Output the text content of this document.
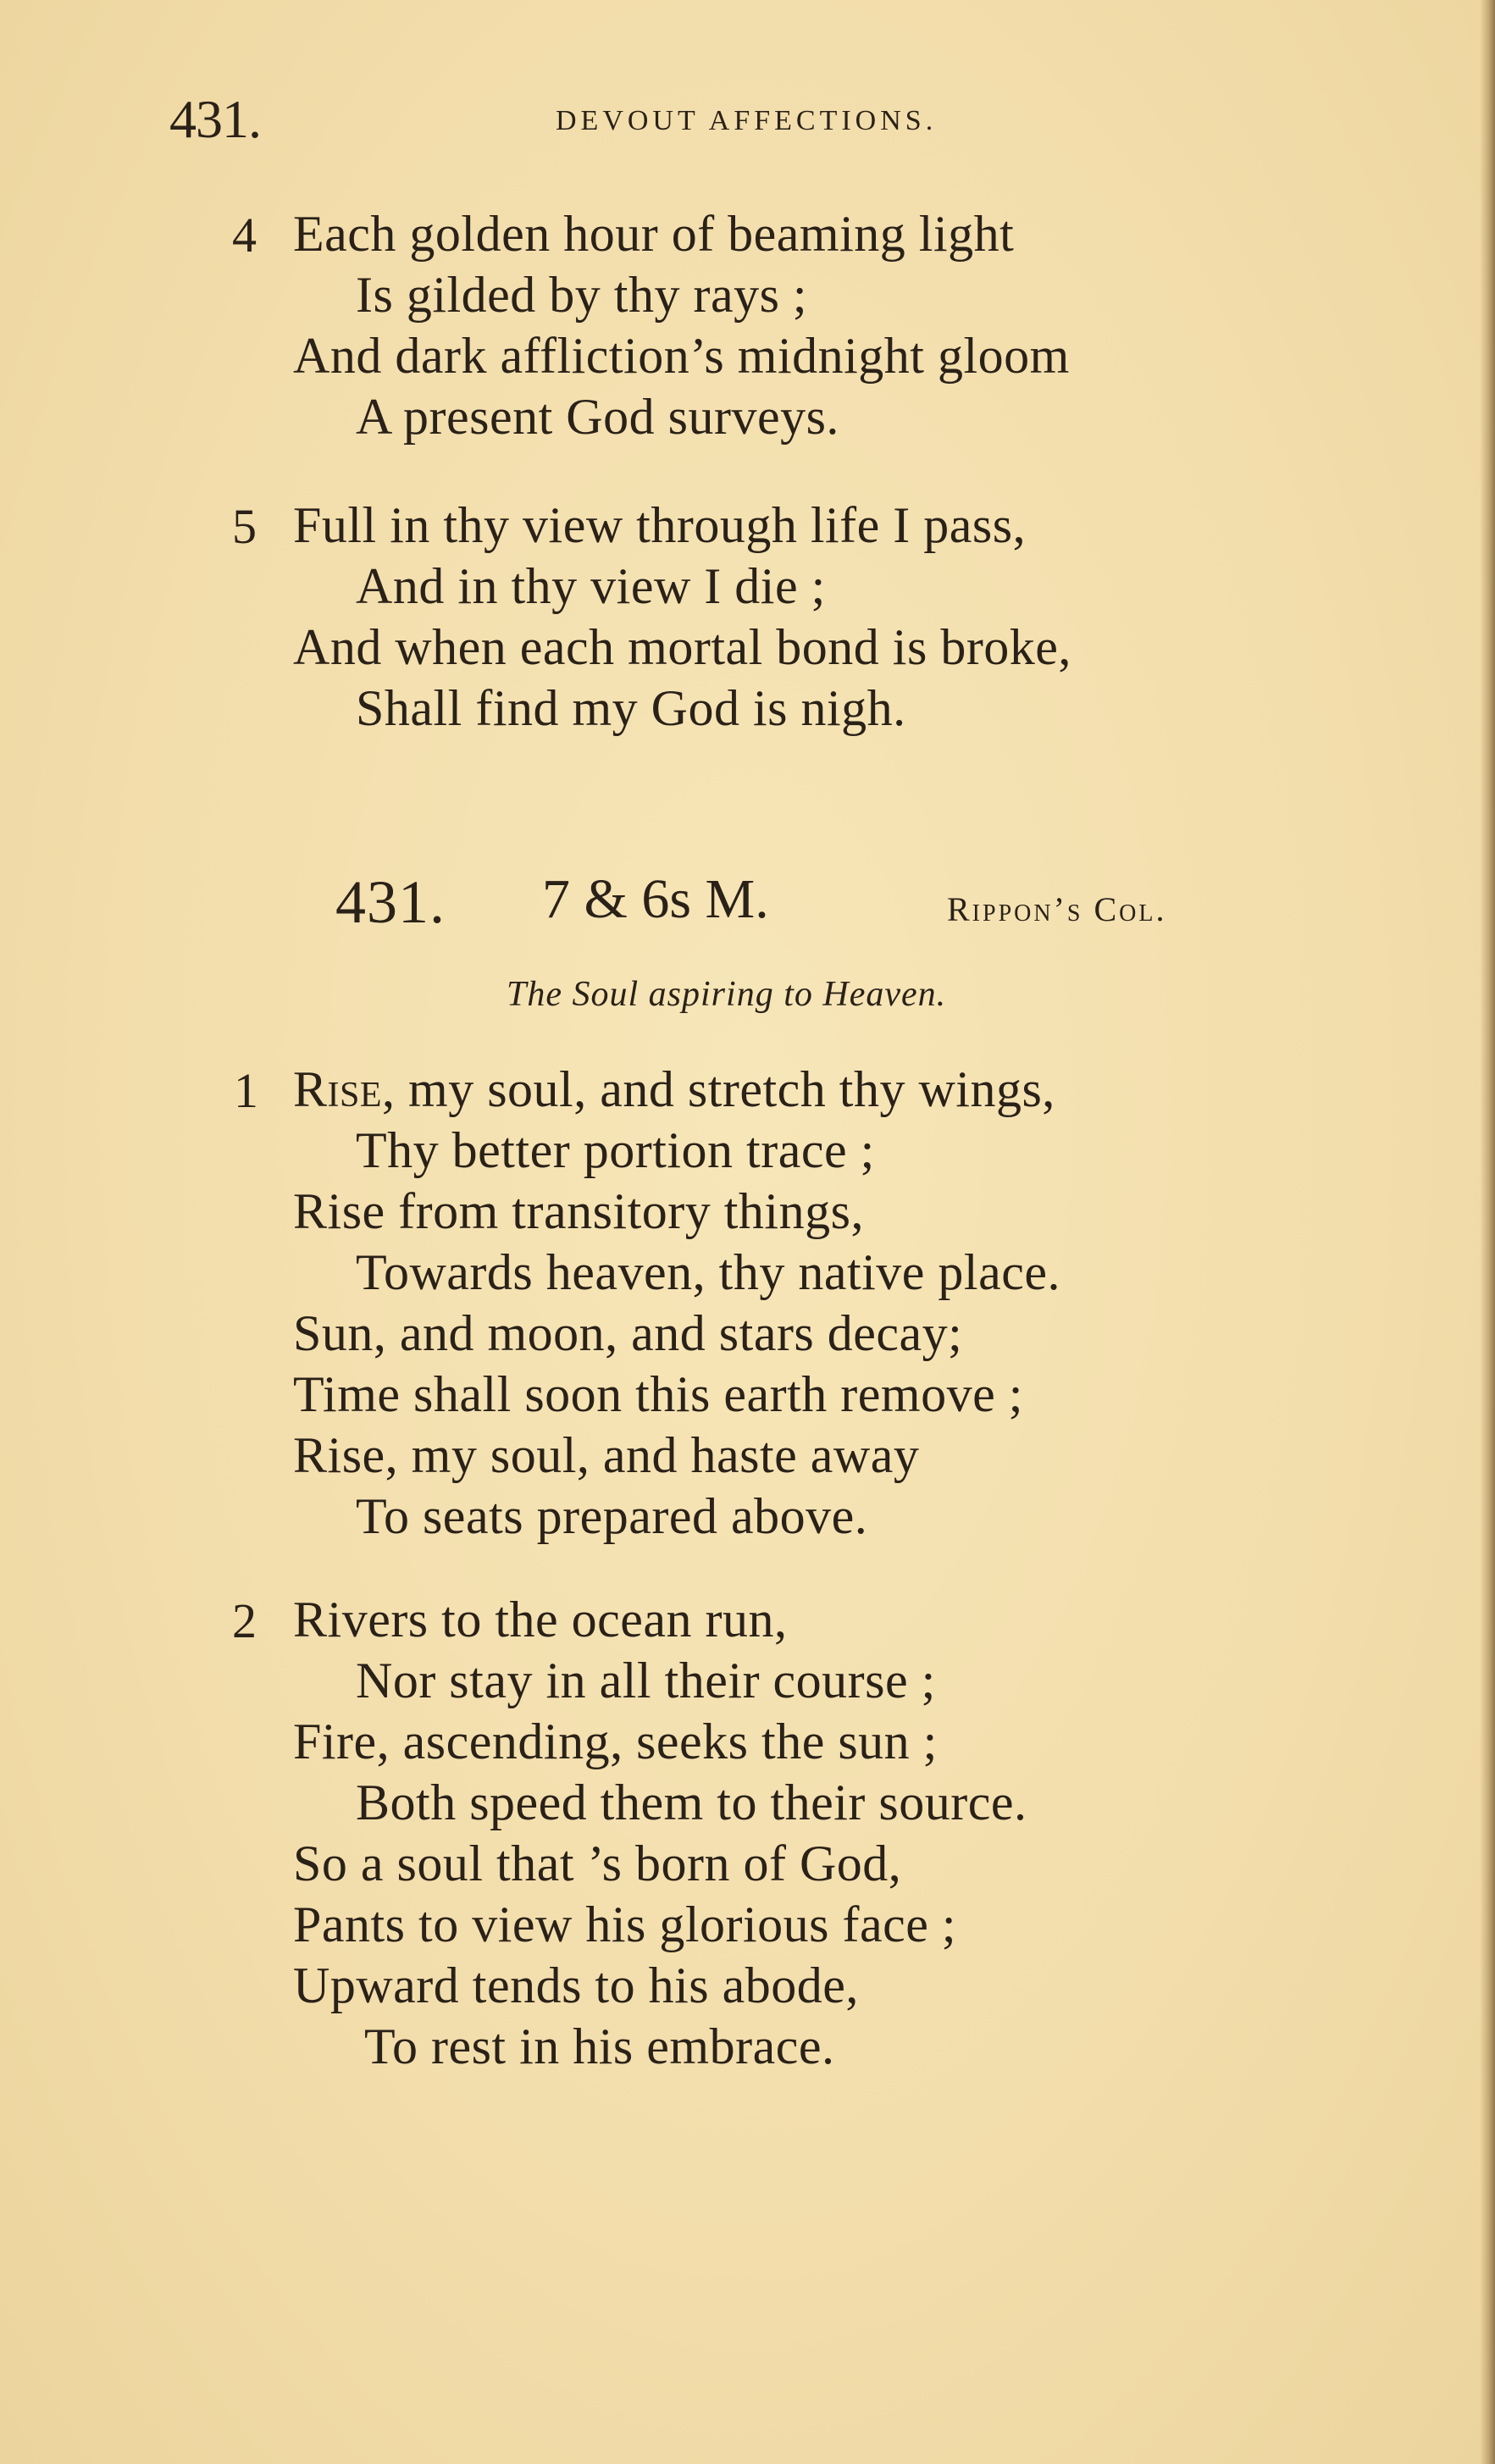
431.	DEVOUT AFFECTIONS.
4 Each golden hour of beaming light
Is gilded by thy rays ;
And dark affliction’s midnight gloom
A present God surveys.
5 Full in thy view through life I pass,
And in thy view I die ;
And when each mortal bond is broke,
Shall find my God is nigh.
431. 7 & 6s M.	Rippon’s Col.
The Soul aspiring to Heaven.
1 Rise, my soul, and stretch thy wings,
Thy better portion trace ;
Rise from transitory things,
Towards heaven, thy native place.
Sun, and moon, and stars decay;
Time shall soon this earth remove ;
Rise, my soul, and haste away
To seats prepared above.
2 Rivers to the ocean run,
Nor stay in all their course ;
Fire, ascending, seeks the sun ;
Both speed them to their source.
So a soul that ’s born of God,
Pants to view his glorious face ;
Upward tends to his abode,
To rest in his embrace.
